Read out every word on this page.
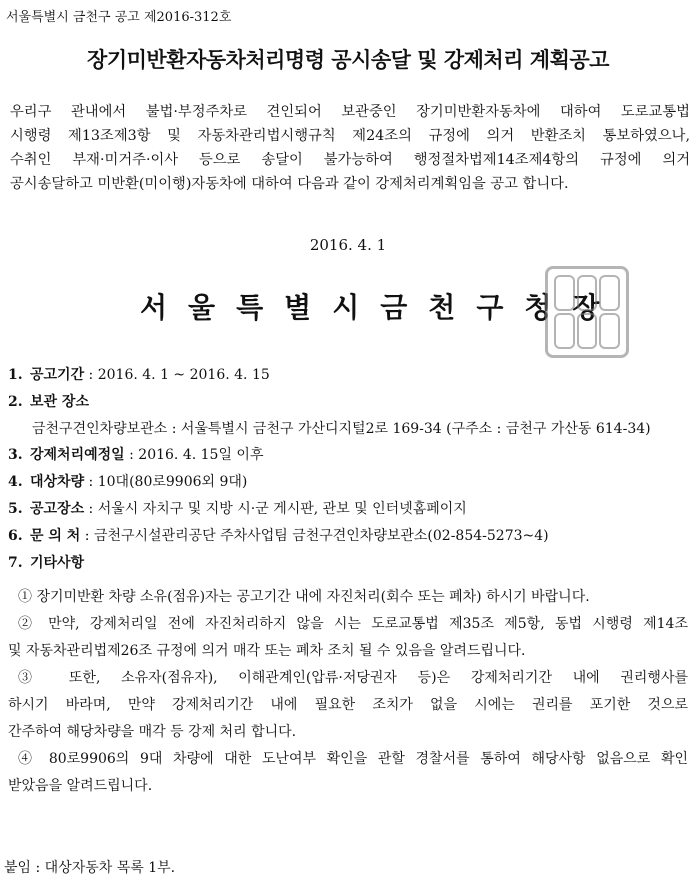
서울특별시 금천구 공고 제2016-312호
장기미반환자동차처리명령 공시송달 및 강제처리 계획공고
우리구 관내에서 불법·부정주차로 견인되어 보관중인 장기미반환자동차에 대하여 도로교통법
시행령 제13조제3항 및 자동차관리법시행규칙 제24조의 규정에 의거 반환조치 통보하였으나,
수취인 부재·미거주·이사 등으로 송달이 불가능하여 행정절차법제14조제4항의 규정에 의거
공시송달하고 미반환(미이행)자동차에 대하여 다음과 같이 강제처리계획임을 공고 합니다.
2016. 4. 1
서울특별시금천구청장
1. 공고기간 : 2016. 4. 1 ~ 2016. 4. 15
2. 보관 장소
금천구견인차량보관소 : 서울특별시 금천구 가산디지털2로 169-34 (구주소 : 금천구 가산동 614-34)
3. 강제처리예정일 : 2016. 4. 15일 이후
4. 대상차량 : 10대(80로9906외 9대)
5. 공고장소 : 서울시 자치구 및 지방 시·군 게시판, 관보 및 인터넷홈페이지
6. 문 의 처 : 금천구시설관리공단 주차사업팀 금천구견인차량보관소(02-854-5273~4)
7. 기타사항
① 장기미반환 차량 소유(점유)자는 공고기간 내에 자진처리(회수 또는 폐차) 하시기 바랍니다.
② 만약, 강제처리일 전에 자진처리하지 않을 시는 도로교통법 제35조 제5항, 동법 시행령 제14조
및 자동차관리법제26조 규정에 의거 매각 또는 폐차 조치 될 수 있음을 알려드립니다.
③ 또한, 소유자(점유자), 이해관계인(압류·저당권자 등)은 강제처리기간 내에 권리행사를
하시기 바라며, 만약 강제처리기간 내에 필요한 조치가 없을 시에는 권리를 포기한 것으로
간주하여 해당차량을 매각 등 강제 처리 합니다.
④ 80로9906의 9대 차량에 대한 도난여부 확인을 관할 경찰서를 통하여 해당사항 없음으로 확인
받았음을 알려드립니다.
붙임 : 대상자동차 목록 1부.
